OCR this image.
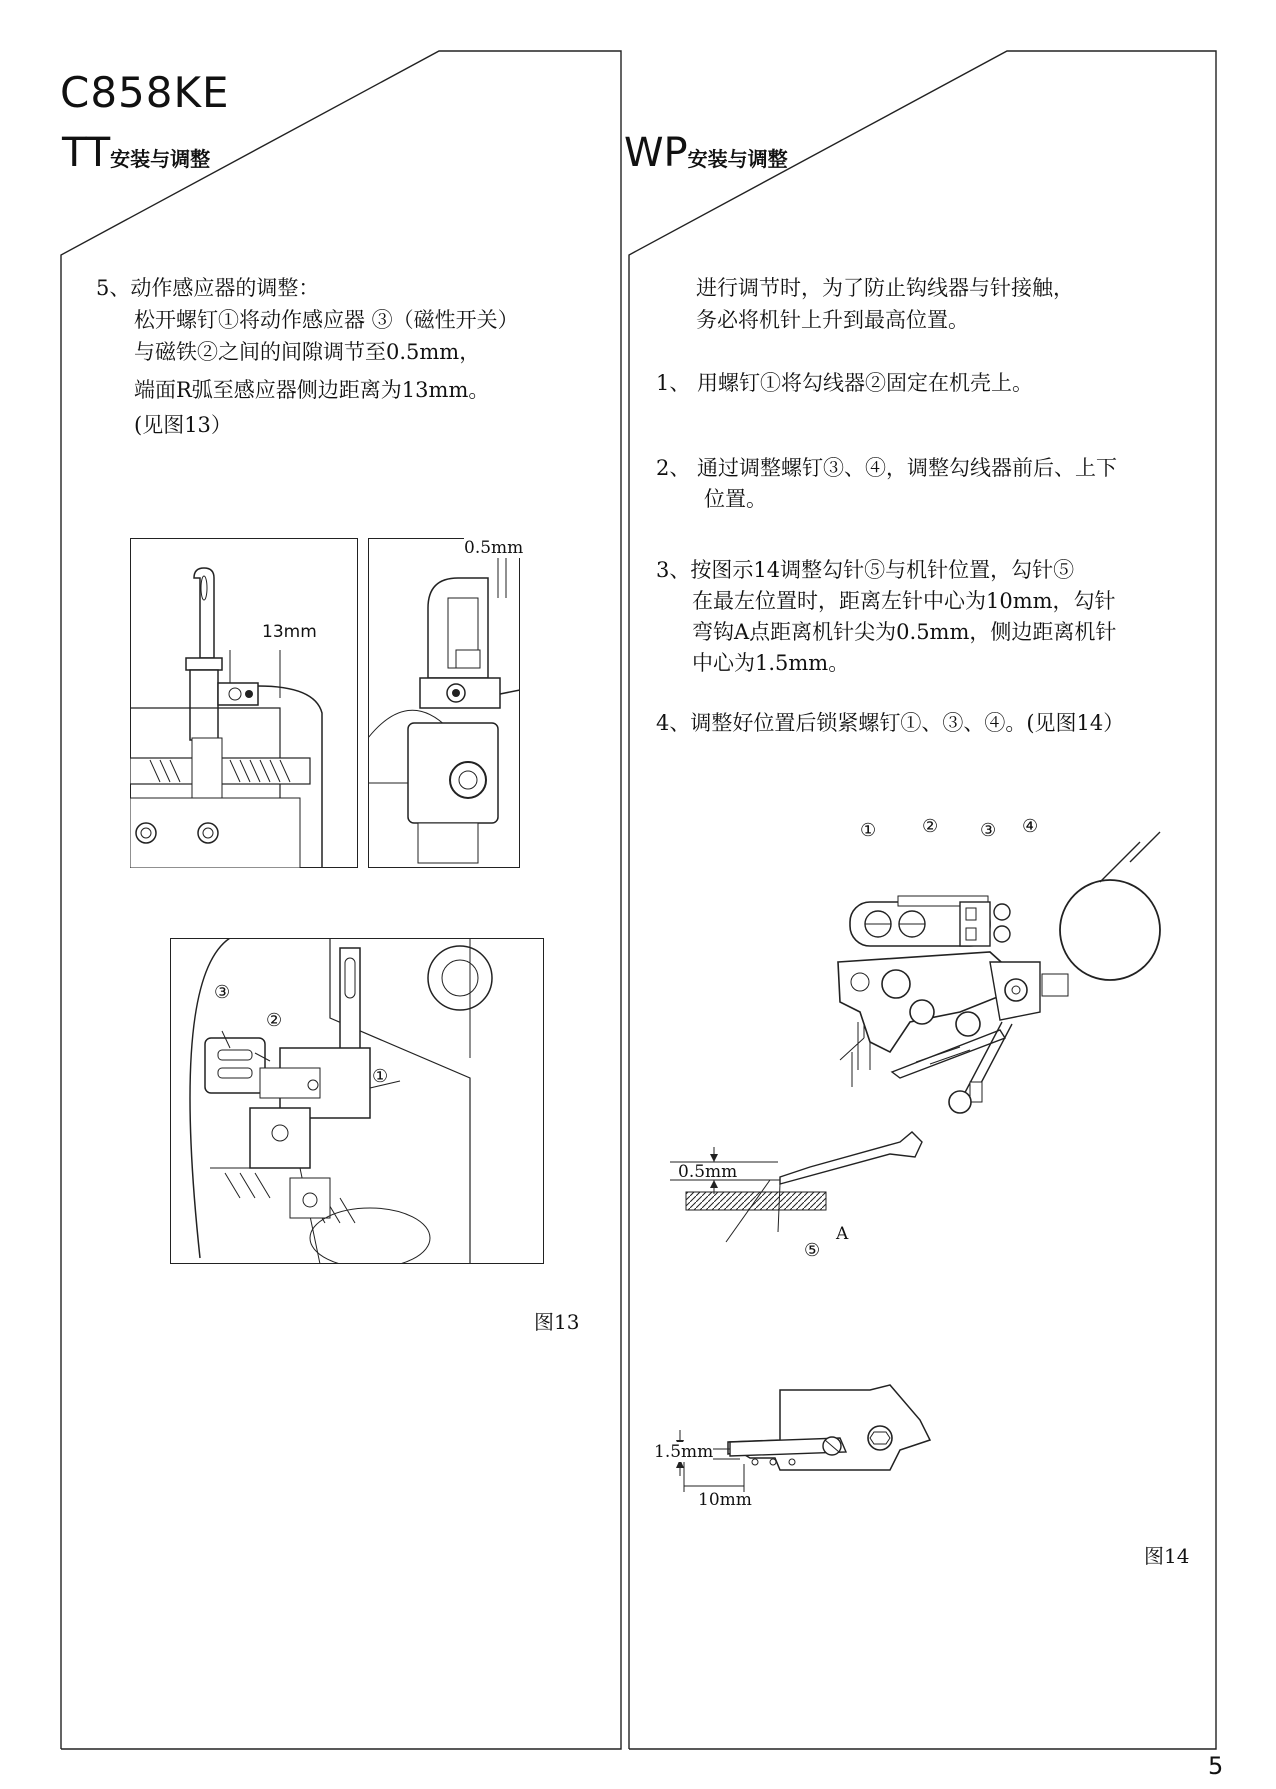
C858KE
TT安装与调整	WP安装与调整
5、动作感应器的调整：
松开螺钉①将动作感应器 ③（磁性开关）
与磁铁②之间的间隙调节至0.5mm，
端面R弧至感应器侧边距离为13mm。
(见图13）
13mm
0.5mm
③
②
①
图13
进行调节时，为了防止钩线器与针接触，
务必将机针上升到最高位置。
1、 用螺钉①将勾线器②固定在机壳上。
2、 通过调整螺钉③、④，调整勾线器前后、上下
位置。
3、按图示14调整勾针⑤与机针位置，勾针⑤
在最左位置时，距离左针中心为10mm，勾针
弯钩A点距离机针尖为0.5mm，侧边距离机针
中心为1.5mm。
4、调整好位置后锁紧螺钉①、③、④。(见图14）
①	② ③ ④
0.5mm
⑤
A
1.5mm
10mm
图14
5
